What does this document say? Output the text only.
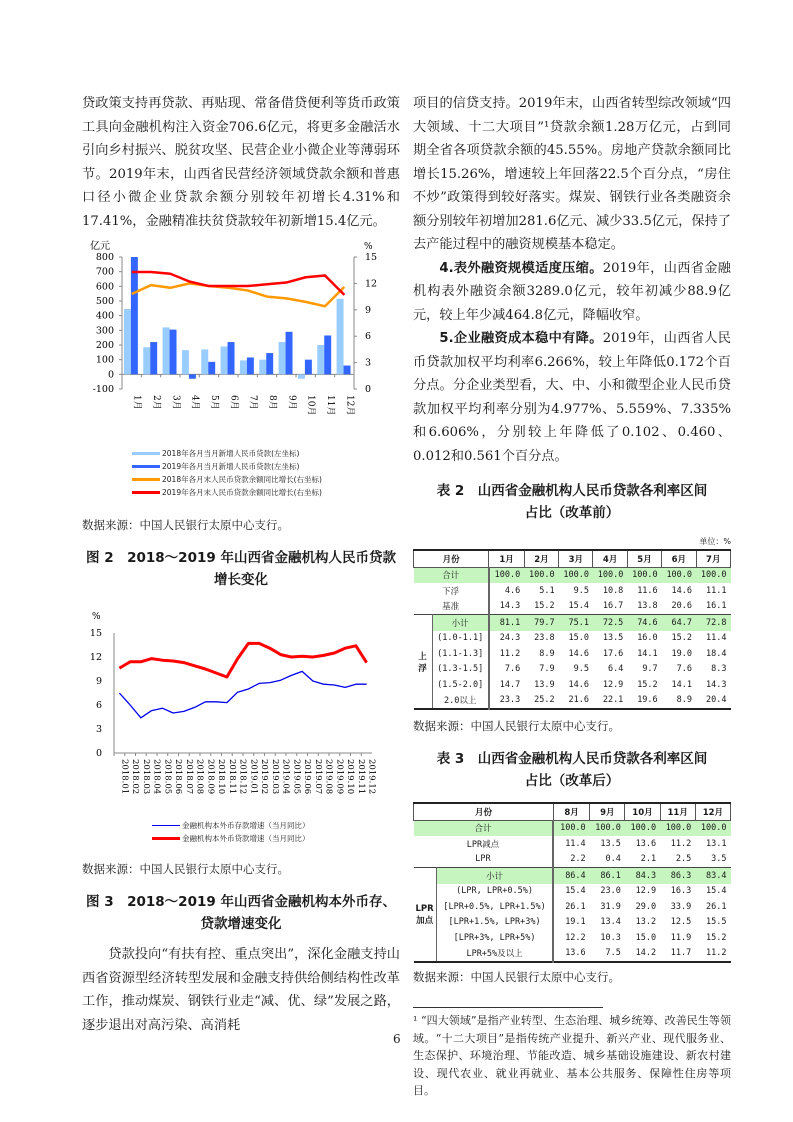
贷政策支持再贷款、再贴现、常备借贷便利等货币政策工具向金融机构注入资金706.6亿元，将更多金融活水引向乡村振兴、脱贫攻坚、民营企业小微企业等薄弱环节。2019年末，山西省民营经济领域贷款余额和普惠口径小微企业贷款余额分别较年初增长4.31%和17.41%，金融精准扶贫贷款较年初新增15.4亿元。

亿元	%
800
700
600
500
400
300
200
100
0
-100
15
12
9
6
3
0
1月 2月 3月 4月 5月 6月 7月 8月 9月 10月 11月 12月
2018年各月当月新增人民币贷款(左坐标)
2019年各月当月新增人民币贷款(左坐标)
2018年各月末人民币贷款余额同比增长(右坐标)
2019年各月末人民币贷款余额同比增长(右坐标)

数据来源：中国人民银行太原中心支行。

图 2　2018～2019 年山西省金融机构人民币贷款
增长变化

%
15
12
9
6
3
0
2018.01 2018.02 2018.03 2018.04 2018.05 2018.06 2018.07 2018.08 2018.09 2018.10 2018.11 2018.12 2019.01 2019.02 2019.03 2019.04 2019.05 2019.06 2019.07 2019.08 2019.09 2019.10 2019.11 2019.12
金融机构本外币存款增速（当月同比）
金融机构本外币贷款增速（当月同比）

数据来源：中国人民银行太原中心支行。

图 3　2018～2019 年山西省金融机构本外币存、
贷款增速变化

贷款投向“有扶有控、重点突出”，深化金融支持山西省资源型经济转型发展和金融支持供给侧结构性改革工作，推动煤炭、钢铁行业走“减、优、绿”发展之路，逐步退出对高污染、高消耗

项目的信贷支持。2019年末，山西省转型综改领域“四大领域、十二大项目”¹贷款余额1.28万亿元，占到同期全省各项贷款余额的45.55%。房地产贷款余额同比增长15.26%，增速较上年回落22.5个百分点，“房住不炒”政策得到较好落实。煤炭、钢铁行业各类融资余额分别较年初增加281.6亿元、减少33.5亿元，保持了去产能过程中的融资规模基本稳定。

4.表外融资规模适度压缩。2019年，山西省金融机构表外融资余额3289.0亿元，较年初减少88.9亿元，较上年少减464.8亿元，降幅收窄。

5.企业融资成本稳中有降。2019年，山西省人民币贷款加权平均利率6.266%，较上年降低0.172个百分点。分企业类型看，大、中、小和微型企业人民币贷款加权平均利率分别为4.977%、5.559%、7.335%和6.606%，分别较上年降低了0.102、0.460、0.012和0.561个百分点。

表 2　山西省金融机构人民币贷款各利率区间
占比（改革前）

单位：%

月份		1月	2月	3月	4月	5月	6月	7月
合计		100.0	100.0	100.0	100.0	100.0	100.0	100.0
下浮		4.6	5.1	9.5	10.8	11.6	14.6	11.1
基准		14.3	15.2	15.4	16.7	13.8	20.6	16.1
上浮	小计	81.1	79.7	75.1	72.5	74.6	64.7	72.8
	(1.0-1.1]	24.3	23.8	15.0	13.5	16.0	15.2	11.4
	(1.1-1.3]	11.2	8.9	14.6	17.6	14.1	19.0	18.4
	(1.3-1.5]	7.6	7.9	9.5	6.4	9.7	7.6	8.3
	(1.5-2.0]	14.7	13.9	14.6	12.9	15.2	14.1	14.3
	2.0以上	23.3	25.2	21.6	22.1	19.6	8.9	20.4

数据来源：中国人民银行太原中心支行。

表 3　山西省金融机构人民币贷款各利率区间
占比（改革后）

月份		8月	9月	10月	11月	12月
合计		100.0	100.0	100.0	100.0	100.0
LPR减点		11.4	13.5	13.6	11.2	13.1
LPR		2.2	0.4	2.1	2.5	3.5
LPR加点	小计	86.4	86.1	84.3	86.3	83.4
	(LPR, LPR+0.5%)	15.4	23.0	12.9	16.3	15.4
	[LPR+0.5%, LPR+1.5%)	26.1	31.9	29.0	33.9	26.1
	[LPR+1.5%, LPR+3%)	19.1	13.4	13.2	12.5	15.5
	[LPR+3%, LPR+5%)	12.2	10.3	15.0	11.9	15.2
	LPR+5%及以上	13.6	7.5	14.2	11.7	11.2

数据来源：中国人民银行太原中心支行。

¹ “四大领域”是指产业转型、生态治理、城乡统筹、改善民生等领域。“十二大项目”是指传统产业提升、新兴产业、现代服务业、生态保护、环境治理、节能改造、城乡基础设施建设、新农村建设、现代农业、就业再就业、基本公共服务、保障性住房等项目。

6
